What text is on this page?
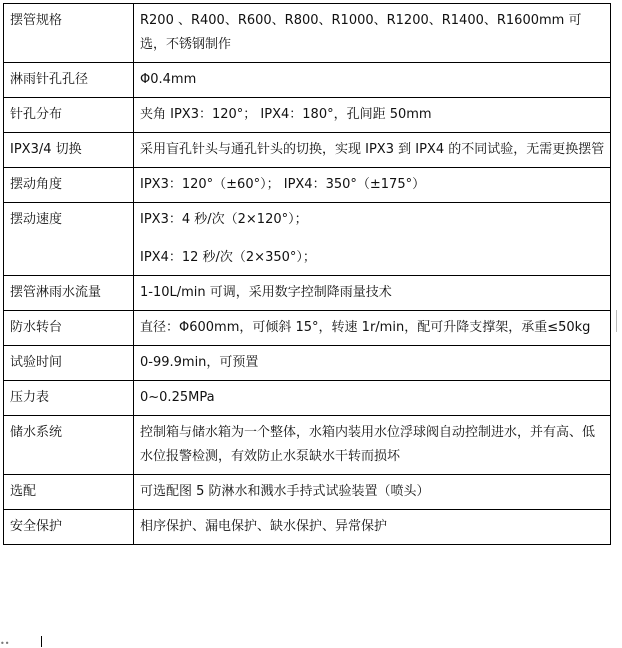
摆管规格	R200 、R400、R600、R800、R1000、R1200、R1400、R1600mm 可选，不锈钢制作
淋雨针孔孔径	Φ0.4mm
针孔分布	夹角 IPX3：120°； IPX4：180°，孔间距 50mm
IPX3/4 切换	采用盲孔针头与通孔针头的切换，实现 IPX3 到 IPX4 的不同试验，无需更换摆管
摆动角度	IPX3：120°（±60°）； IPX4：350°（±175°）
摆动速度	IPX3：4 秒/次（2×120°）；

IPX4：12 秒/次（2×350°）；

摆管淋雨水流量	1-10L/min 可调，采用数字控制降雨量技术
防水转台	直径：Φ600mm，可倾斜 15°，转速 1r/min，配可升降支撑架，承重≤50kg
试验时间	0-99.9min，可预置
压力表	0~0.25MPa
储水系统	控制箱与储水箱为一个整体，水箱内装用水位浮球阀自动控制进水，并有高、低水位报警检测，有效防止水泵缺水干转而损坏
选配	可选配图 5 防淋水和溅水手持式试验装置（喷头）
安全保护	相序保护、漏电保护、缺水保护、异常保护
••
